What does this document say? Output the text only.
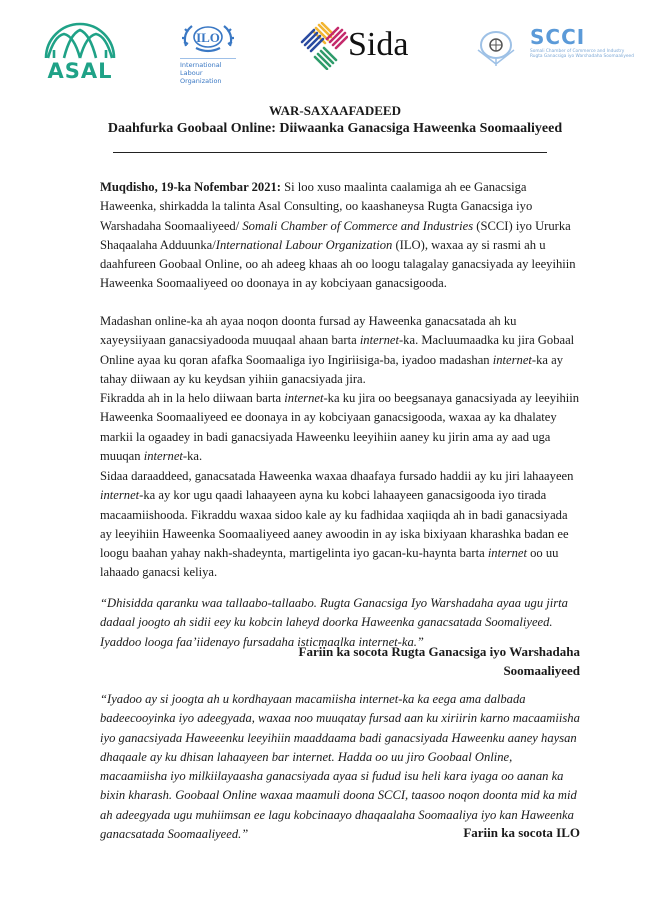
ASAL
ILO
International
Labour
Organization
Sida	SCCI
Somali Chamber of Commerce and Industry
Rugta Ganacsiga iyo Warshadaha Soomaaliyeed
WAR-SAXAAFADEED
Daahfurka Goobaal Online: Diiwaanka Ganacsiga Haweenka Soomaaliyeed

Muqdisho, 19-ka Nofembar 2021: Si loo xuso maalinta caalamiga ah ee Ganacsiga Haweenka, shirkadda la talinta Asal Consulting, oo kaashaneysa Rugta Ganacsiga iyo Warshadaha Soomaaliyeed/ Somali Chamber of Commerce and Industries (SCCI) iyo Ururka Shaqaalaha Adduunka/International Labour Organization (ILO), waxaa ay si rasmi ah u daahfureen Goobaal Online, oo ah adeeg khaas ah oo loogu talagalay ganacsiyada ay leeyihiin Haweenka Soomaaliyeed oo doonaya in ay kobciyaan ganacsigooda.

Madashan online-ka ah ayaa noqon doonta fursad ay Haweenka ganacsatada ah ku xayeysiiyaan ganacsiyadooda muuqaal ahaan barta internet-ka. Macluumaadka ku jira Gobaal Online ayaa ku qoran afafka Soomaaliga iyo Ingiriisiga-ba, iyadoo madashan internet-ka ay tahay diiwaan ay ku keydsan yihiin ganacsiyada jira.

Fikradda ah in la helo diiwaan barta internet-ka ku jira oo beegsanaya ganacsiyada ay leeyihiin Haweenka Soomaaliyeed ee doonaya in ay kobciyaan ganacsigooda, waxaa ay ka dhalatey markii la ogaadey in badi ganacsiyada Haweenku leeyihiin aaney ku jirin ama ay aad uga muuqan internet-ka.

Sidaa daraaddeed, ganacsatada Haweenka waxaa dhaafaya fursado haddii ay ku jiri lahaayeen internet-ka ay kor ugu qaadi lahaayeen ayna ku kobci lahaayeen ganacsigooda iyo tirada macaamiishooda. Fikraddu waxaa sidoo kale ay ku fadhidaa xaqiiqda ah in badi ganacsiyada ay leeyihiin Haweenka Soomaaliyeed aaney awoodin in ay iska bixiyaan kharashka badan ee loogu baahan yahay nakh-shadeynta, martigelinta iyo gacan-ku-haynta barta internet oo uu lahaado ganacsi keliya.

“Dhisidda qaranku waa tallaabo-tallaabo. Rugta Ganacsiga Iyo Warshadaha ayaa ugu jirta dadaal joogto ah sidii eey ku kobcin laheyd doorka Haweenka ganacsatada Soomaliyeed. Iyaddoo looga faa’iidenayo fursadaha isticmaalka internet-ka.”

Fariin ka socota Rugta Ganacsiga iyo Warshadaha
Soomaaliyeed

“Iyadoo ay si joogta ah u kordhayaan macamiisha internet-ka ka eega ama dalbada badeecooyinka iyo adeegyada, waxaa noo muuqatay fursad aan ku xiriirin karno macaamiisha iyo ganacsiyada Haweeenku leeyihiin maaddaama badi ganacsiyada Haweenku aaney haysan dhaqaale ay ku dhisan lahaayeen bar internet. Hadda oo uu jiro Goobaal Online, macaamiisha iyo milkiilayaasha ganacsiyada ayaa si fudud isu heli kara iyaga oo aanan ka bixin kharash. Goobaal Online waxaa maamuli doona SCCI, taasoo noqon doonta mid ka mid ah adeegyada ugu muhiimsan ee lagu kobcinaayo dhaqaalaha Soomaaliya iyo kan Haweenka ganacsatada Soomaaliyeed.”	Fariin ka socota ILO
